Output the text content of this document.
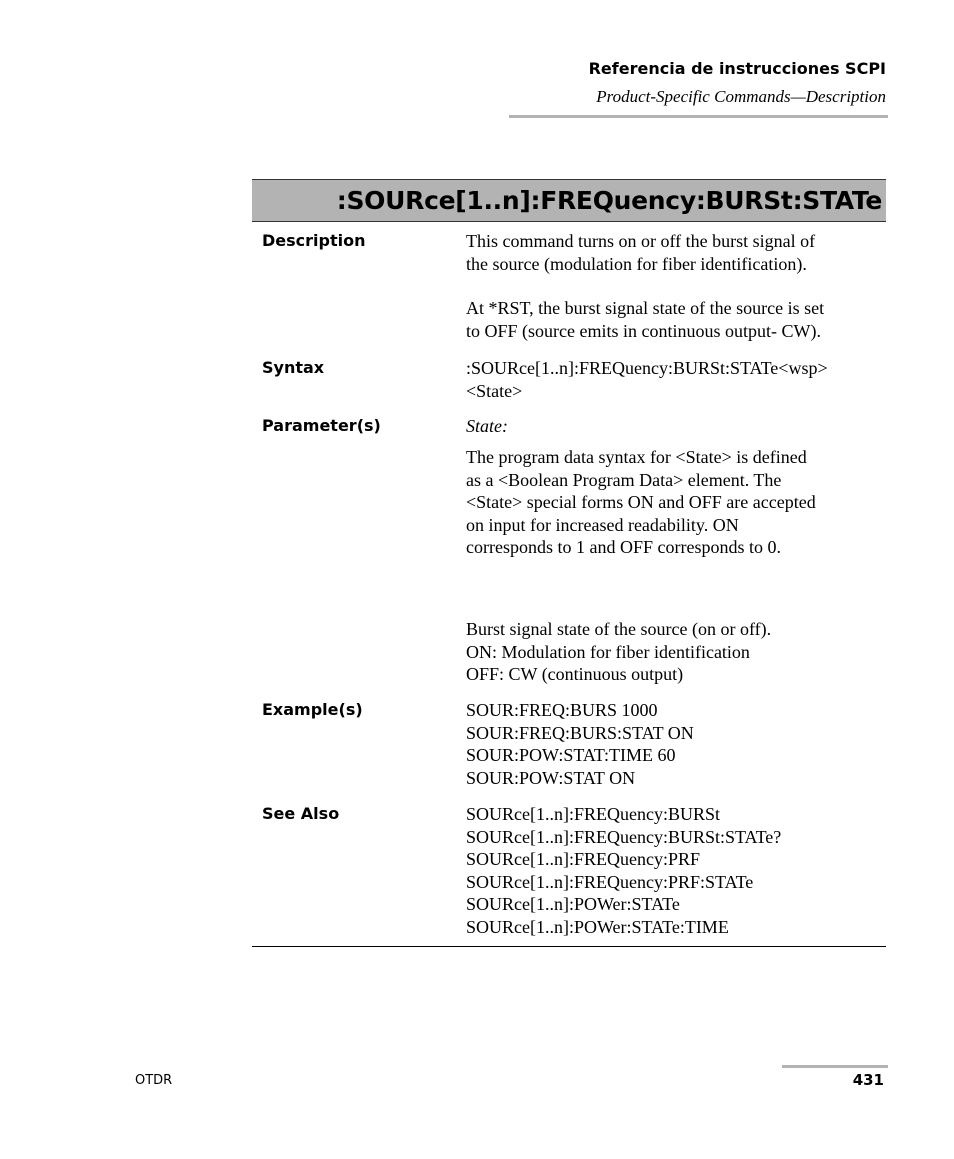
Referencia de instrucciones SCPI
Product-Specific Commands—Description
:SOURce[1..n]:FREQuency:BURSt:STATe
Description	This command turns on or off the burst signal of
the source (modulation for fiber identification).
At *RST, the burst signal state of the source is set
to OFF (source emits in continuous output- CW).
Syntax	:SOURce[1..n]:FREQuency:BURSt:STATe<wsp>
<State>
Parameter(s)	State:
The program data syntax for <State> is defined
as a <Boolean Program Data> element. The
<State> special forms ON and OFF are accepted
on input for increased readability. ON
corresponds to 1 and OFF corresponds to 0.
Burst signal state of the source (on or off).
ON: Modulation for fiber identification
OFF: CW (continuous output)
Example(s)	SOUR:FREQ:BURS 1000
SOUR:FREQ:BURS:STAT ON
SOUR:POW:STAT:TIME 60
SOUR:POW:STAT ON
See Also	SOURce[1..n]:FREQuency:BURSt
SOURce[1..n]:FREQuency:BURSt:STATe?
SOURce[1..n]:FREQuency:PRF
SOURce[1..n]:FREQuency:PRF:STATe
SOURce[1..n]:POWer:STATe
SOURce[1..n]:POWer:STATe:TIME
OTDR	431
